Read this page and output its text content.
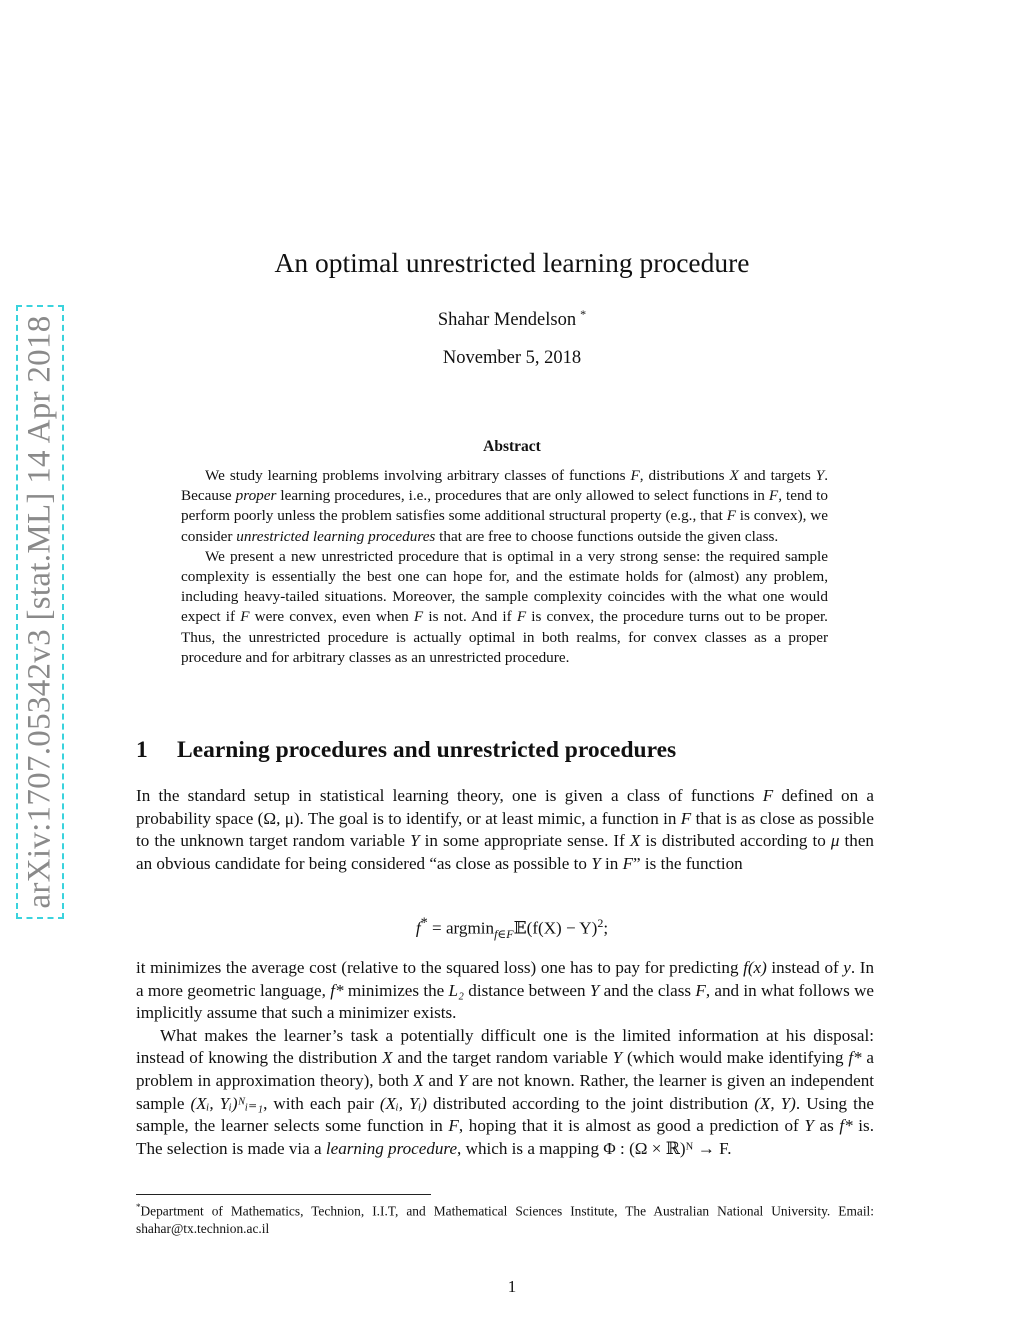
arXiv:1707.05342v3 [stat.ML] 14 Apr 2018
An optimal unrestricted learning procedure
Shahar Mendelson *
November 5, 2018
Abstract

We study learning problems involving arbitrary classes of functions F, distributions X and targets Y. Because proper learning procedures, i.e., procedures that are only allowed to select functions in F, tend to perform poorly unless the problem satisfies some additional structural property (e.g., that F is convex), we consider unrestricted learning procedures that are free to choose functions outside the given class.

We present a new unrestricted procedure that is optimal in a very strong sense: the required sample complexity is essentially the best one can hope for, and the estimate holds for (almost) any problem, including heavy-tailed situations. Moreover, the sample complexity coincides with the what one would expect if F were convex, even when F is not. And if F is convex, the procedure turns out to be proper. Thus, the unrestricted procedure is actually optimal in both realms, for convex classes as a proper procedure and for arbitrary classes as an unrestricted procedure.

1 Learning procedures and unrestricted procedures

In the standard setup in statistical learning theory, one is given a class of functions F defined on a probability space (Ω, μ). The goal is to identify, or at least mimic, a function in F that is as close as possible to the unknown target random variable Y in some appropriate sense. If X is distributed according to μ then an obvious candidate for being considered “as close as possible to Y in F” is the function

f* = argmin$_{f\in F}$𝔼(f(X) − Y)$^2$;

it minimizes the average cost (relative to the squared loss) one has to pay for predicting f(x) instead of y. In a more geometric language, f* minimizes the L₂ distance between Y and the class F, and in what follows we implicitly assume that such a minimizer exists.

What makes the learner’s task a potentially difficult one is the limited information at his disposal: instead of knowing the distribution X and the target random variable Y (which would make identifying f* a problem in approximation theory), both X and Y are not known. Rather, the learner is given an independent sample (Xᵢ, Yᵢ)ᴺᵢ₌₁, with each pair (Xᵢ, Yᵢ) distributed according to the joint distribution (X, Y). Using the sample, the learner selects some function in F, hoping that it is almost as good a prediction of Y as f* is. The selection is made via a learning procedure, which is a mapping Φ : (Ω × ℝ)ᴺ → F.

*Department of Mathematics, Technion, I.I.T, and Mathematical Sciences Institute, The Australian National University. Email: shahar@tx.technion.ac.il
1
